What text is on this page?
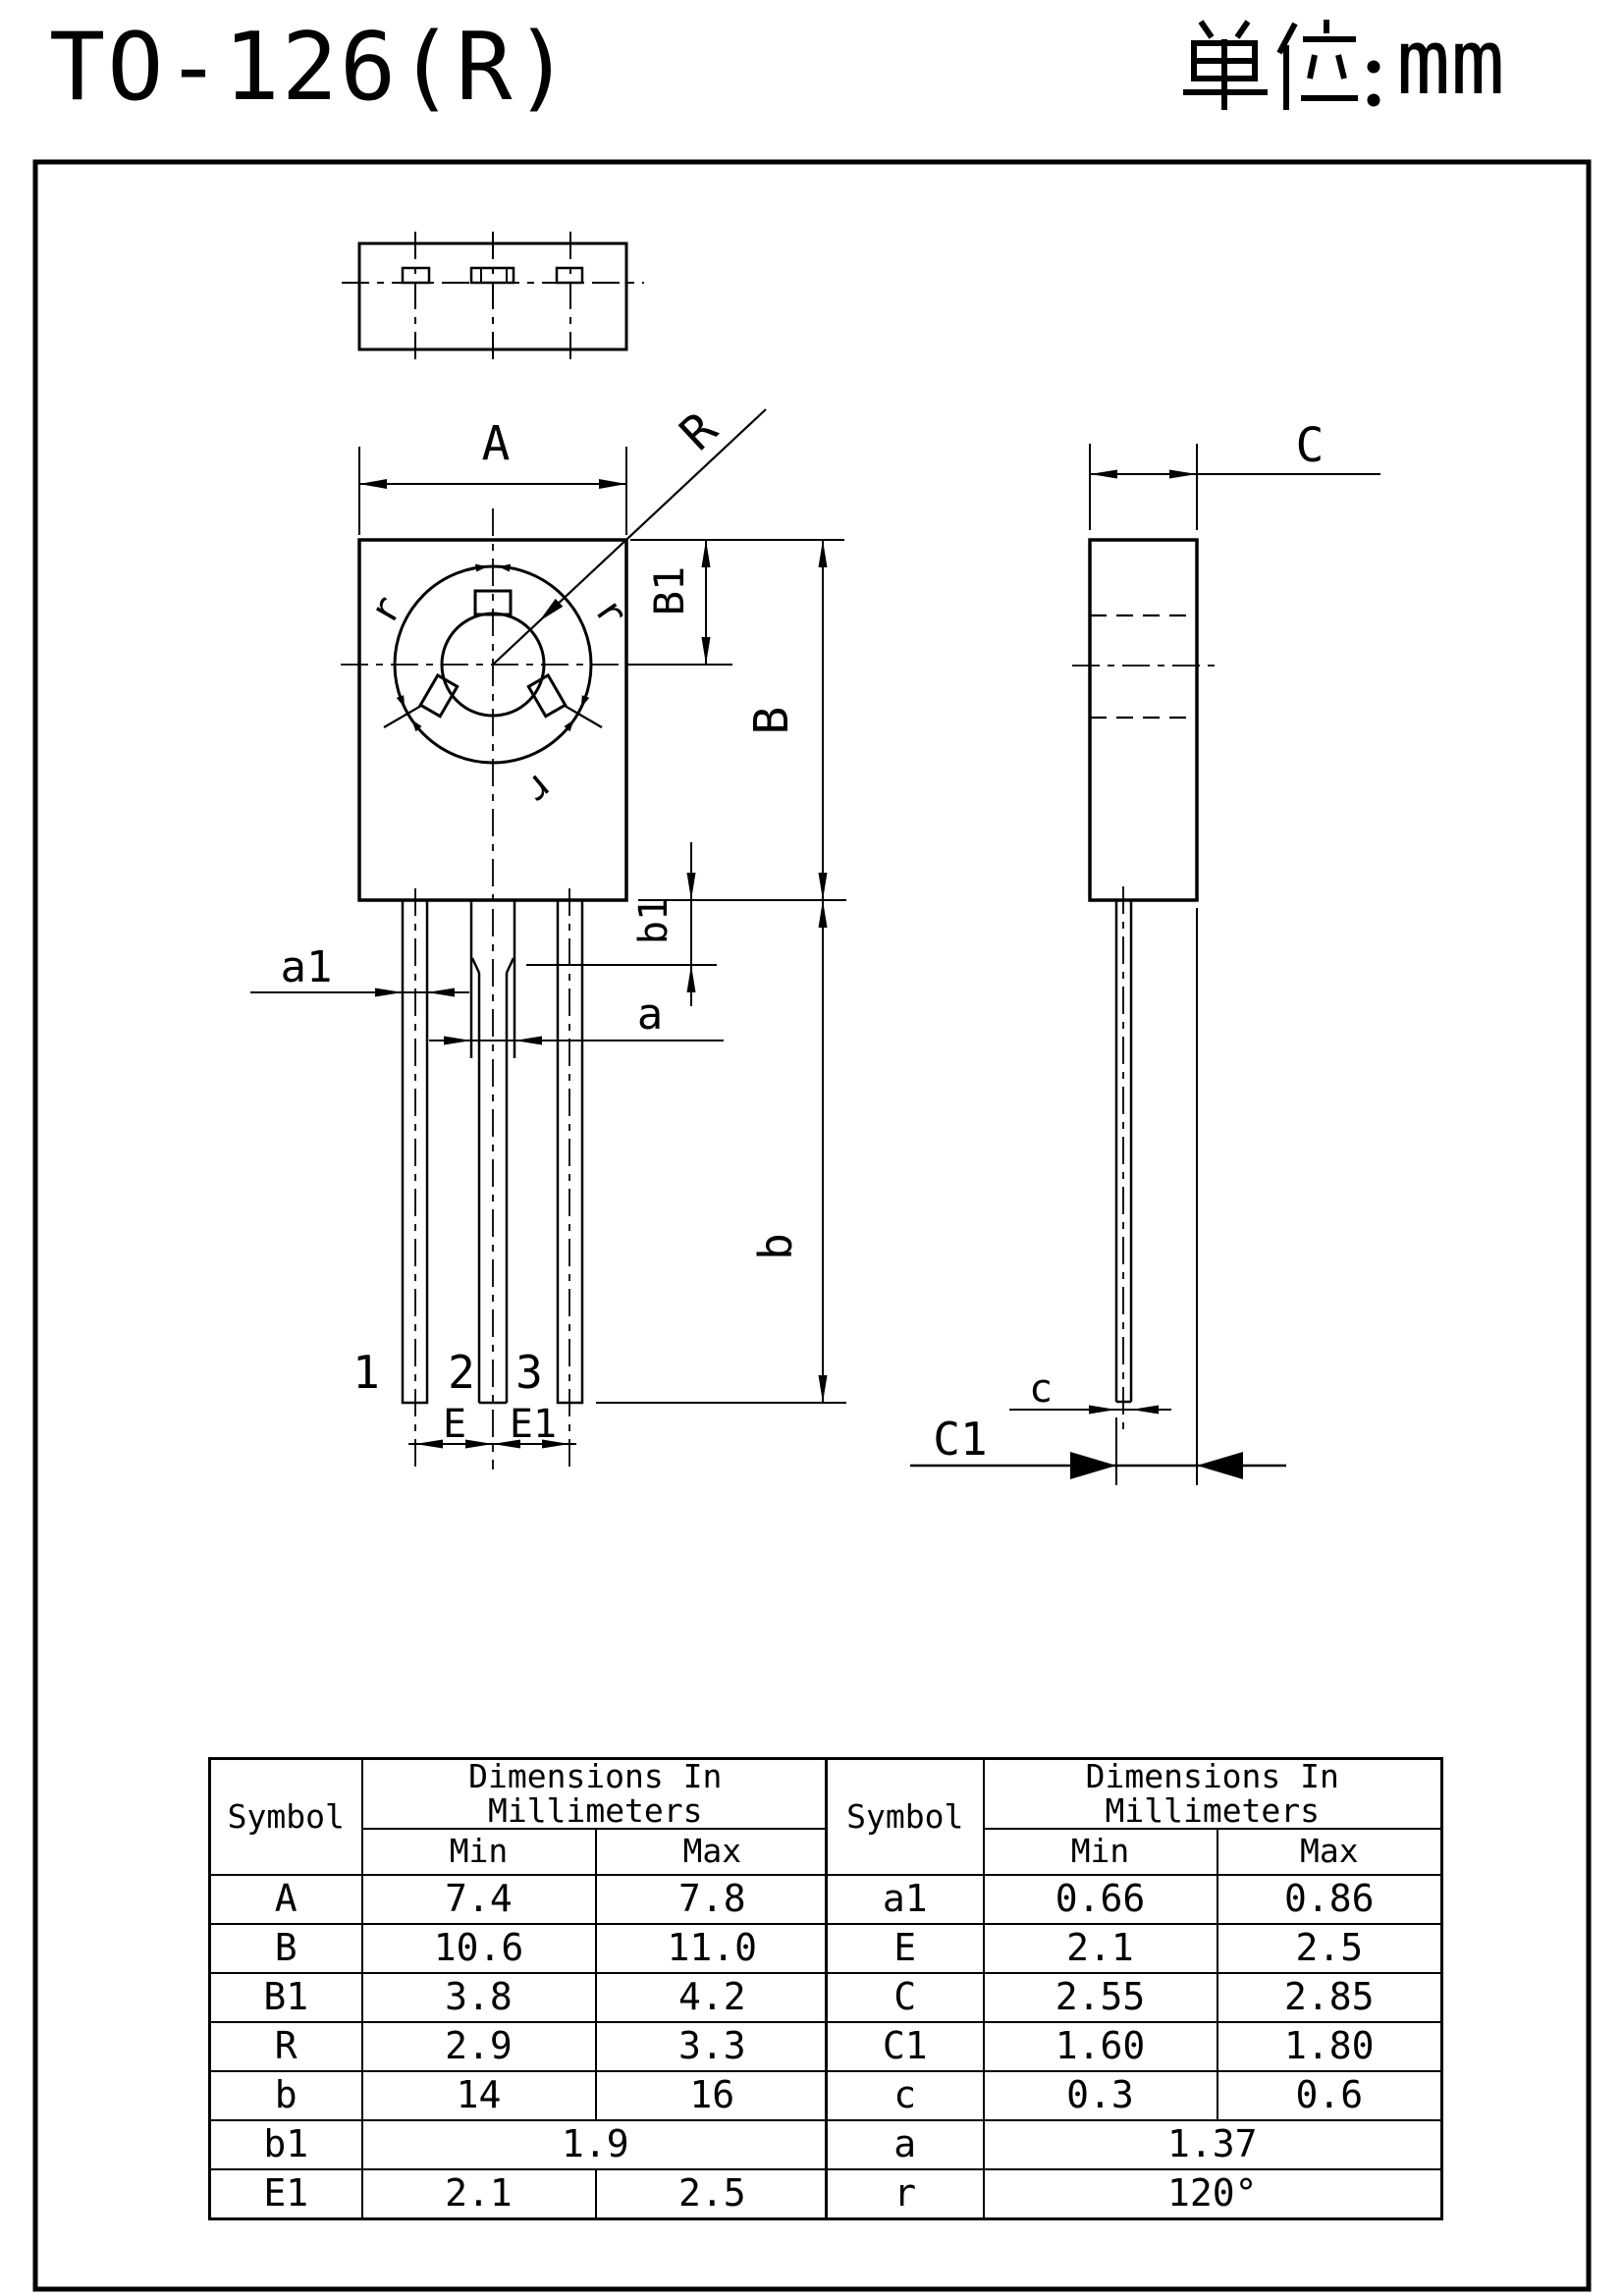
TO-126(R)	mm
A	R
r	r
r
B1
B
1 2 3
a1
a
b1
b
E E1
C
c
C1
Symbol	Dimensions In Millimeters	
	Min	Max
A	7.4	7.8
B	10.6	11.0
B1	3.8	4.2
R	2.9	3.3
b	14	16
b1	1.9	
E1	2.1	2.5
Symbol	Dimensions In Millimeters	
	Min	Max
a1	0.66	0.86
E	2.1	2.5
C	2.55	2.85
C1	1.60	1.80
c	0.3	0.6
a	1.37	
r	120°	
